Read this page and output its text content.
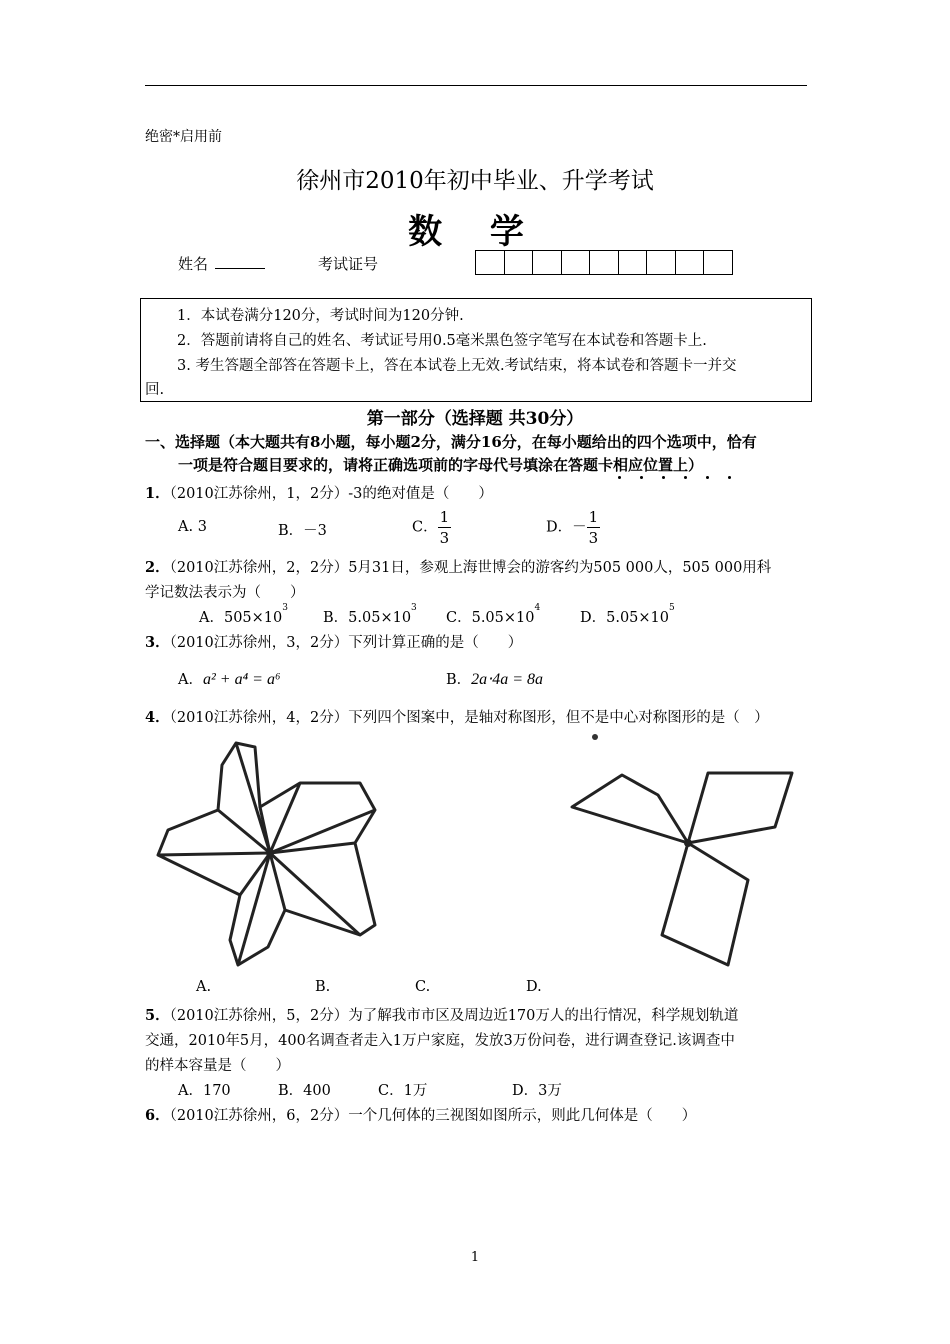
绝密*启用前
徐州市2010年初中毕业、升学考试
数 学
姓名	考试证号
1．本试卷满分120分，考试时间为120分钟.
2．答题前请将自己的姓名、考试证号用0.5毫米黑色签字笔写在本试卷和答题卡上.
3. 考生答题全部答在答题卡上，答在本试卷上无效.考试结束，将本试卷和答题卡一并交
回.
第一部分（选择题 共30分）
一、选择题（本大题共有8小题，每小题2分，满分16分，在每小题给出的四个选项中，恰有
一项是符合题目要求的，请将正确选项前的字母代号填涂在答题卡相应位置上）
1．（2010江苏徐州，1，2分）-3的绝对值是（　　）
A. 3	B．－3	C． $\frac{1}{3}$	D．－ $\frac{1}{3}$
2．（2010江苏徐州，2，2分）5月31日，参观上海世博会的游客约为505 000人，505 000用科
学记数法表示为（　　）
A．$505\times 10^3$
B．$5.05\times 10^3$
C．$5.05\times 10^4$
D．$5.05\times 10^5$
3．（2010江苏徐州，3，2分）下列计算正确的是（　　）
A．a² + a⁴ = a⁶	B．2a⋅4a = 8a
4．（2010江苏徐州，4，2分）下列四个图案中，是轴对称图形，但不是中心对称图形的是（　）
A.	B.	C.	D.
5．（2010江苏徐州，5，2分）为了解我市市区及周边近170万人的出行情况，科学规划轨道
交通，2010年5月，400名调查者走入1万户家庭，发放3万份问卷，进行调查登记.该调查中
的样本容量是（　　）
A．170	B．400	C．1万	D．3万
6．（2010江苏徐州，6，2分）一个几何体的三视图如图所示，则此几何体是（　　）
1
